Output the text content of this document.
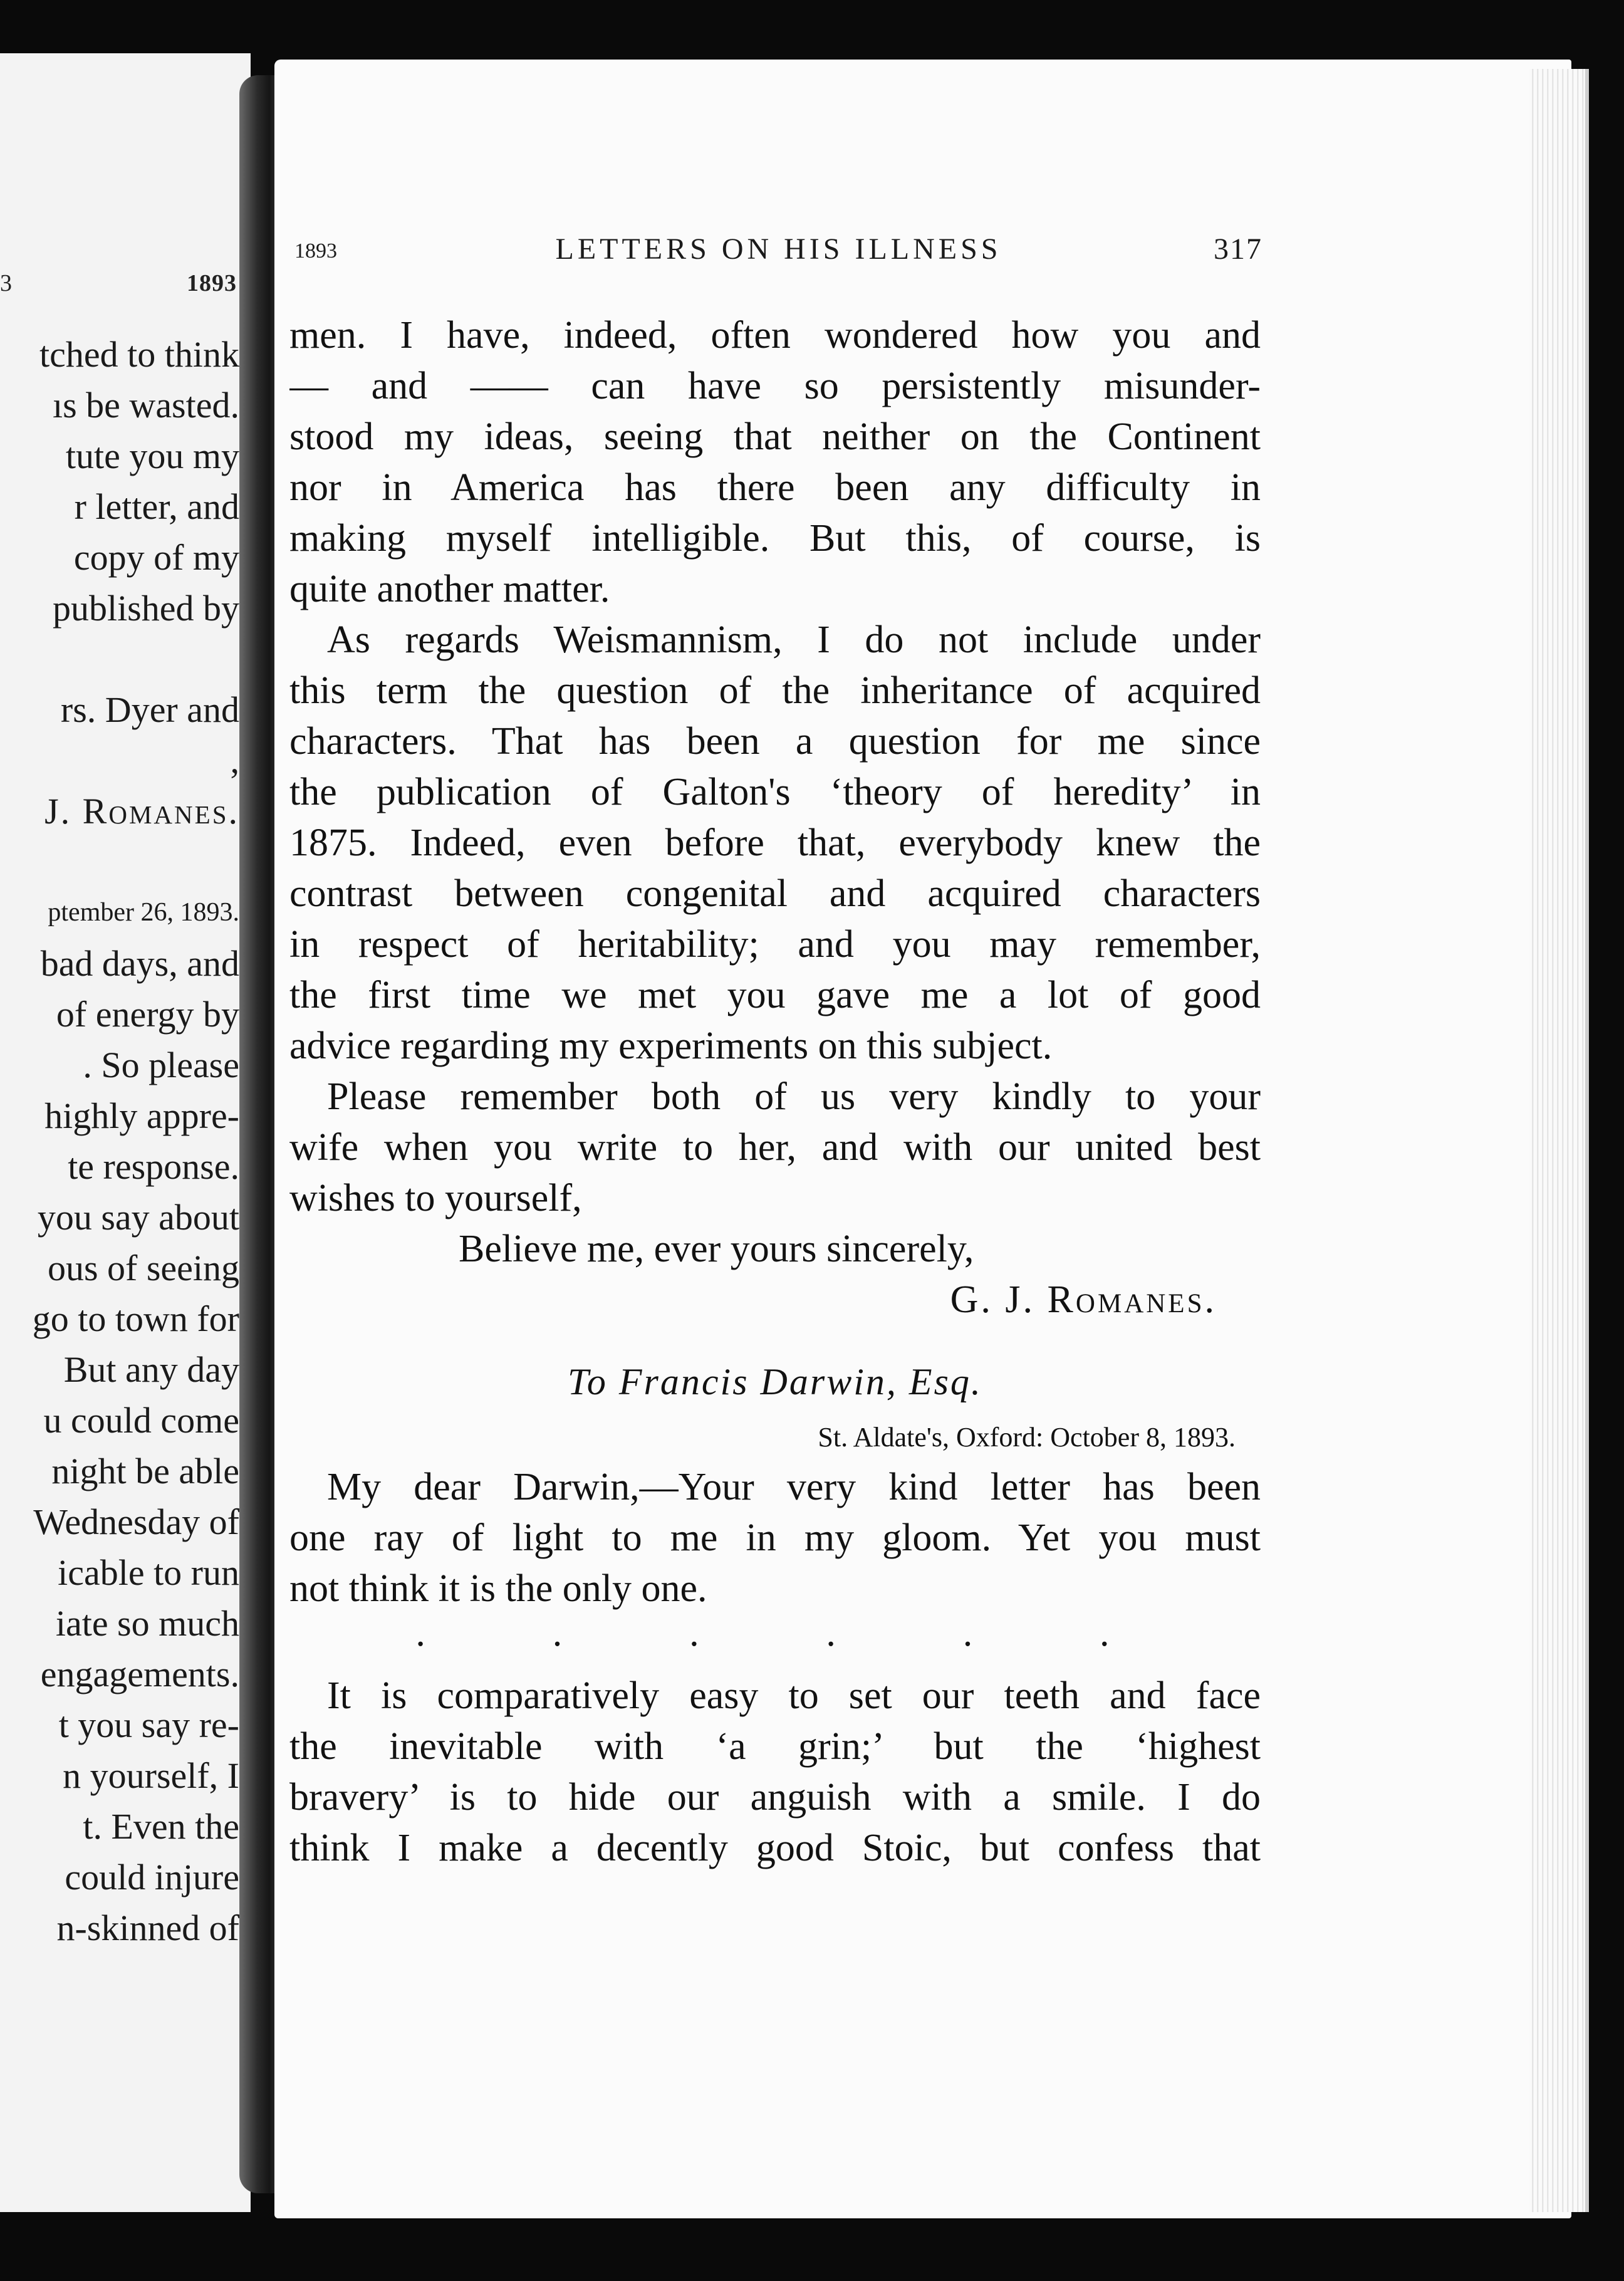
3	1893
tched to think
ıs be wasted.
tute you my
r letter, and
copy of my
published by

rs. Dyer and
,
J. Romanes.

ptember 26, 1893.
bad days, and
of energy by
. So please
highly appre-
te response.
you say about
ous of seeing
go to town for
But any day
u could come
night be able
Wednesday of
icable to run
iate so much
engagements.
t you say re-
n yourself, I
t. Even the
could injure
n-skinned of
1893	LETTERS ON HIS ILLNESS	317
men. I have, indeed, often wondered how you and
— and —— can have so persistently misunder-
stood my ideas, seeing that neither on the Continent
nor in America has there been any difficulty in
making myself intelligible. But this, of course, is
quite another matter.
As regards Weismannism, I do not include under
this term the question of the inheritance of acquired
characters. That has been a question for me since
the publication of Galton's ‘theory of heredity’ in
1875. Indeed, even before that, everybody knew the
contrast between congenital and acquired characters
in respect of heritability; and you may remember,
the first time we met you gave me a lot of good
advice regarding my experiments on this subject.
Please remember both of us very kindly to your
wife when you write to her, and with our united best
wishes to yourself,
Believe me, ever yours sincerely,
G. J. Romanes.
To Francis Darwin, Esq.
St. Aldate's, Oxford: October 8, 1893.
My dear Darwin,—Your very kind letter has been
one ray of light to me in my gloom. Yet you must
not think it is the only one.
.	.	.	.	.	.
It is comparatively easy to set our teeth and face
the inevitable with ‘a grin;’ but the ‘highest
bravery’ is to hide our anguish with a smile. I do
think I make a decently good Stoic, but confess that
